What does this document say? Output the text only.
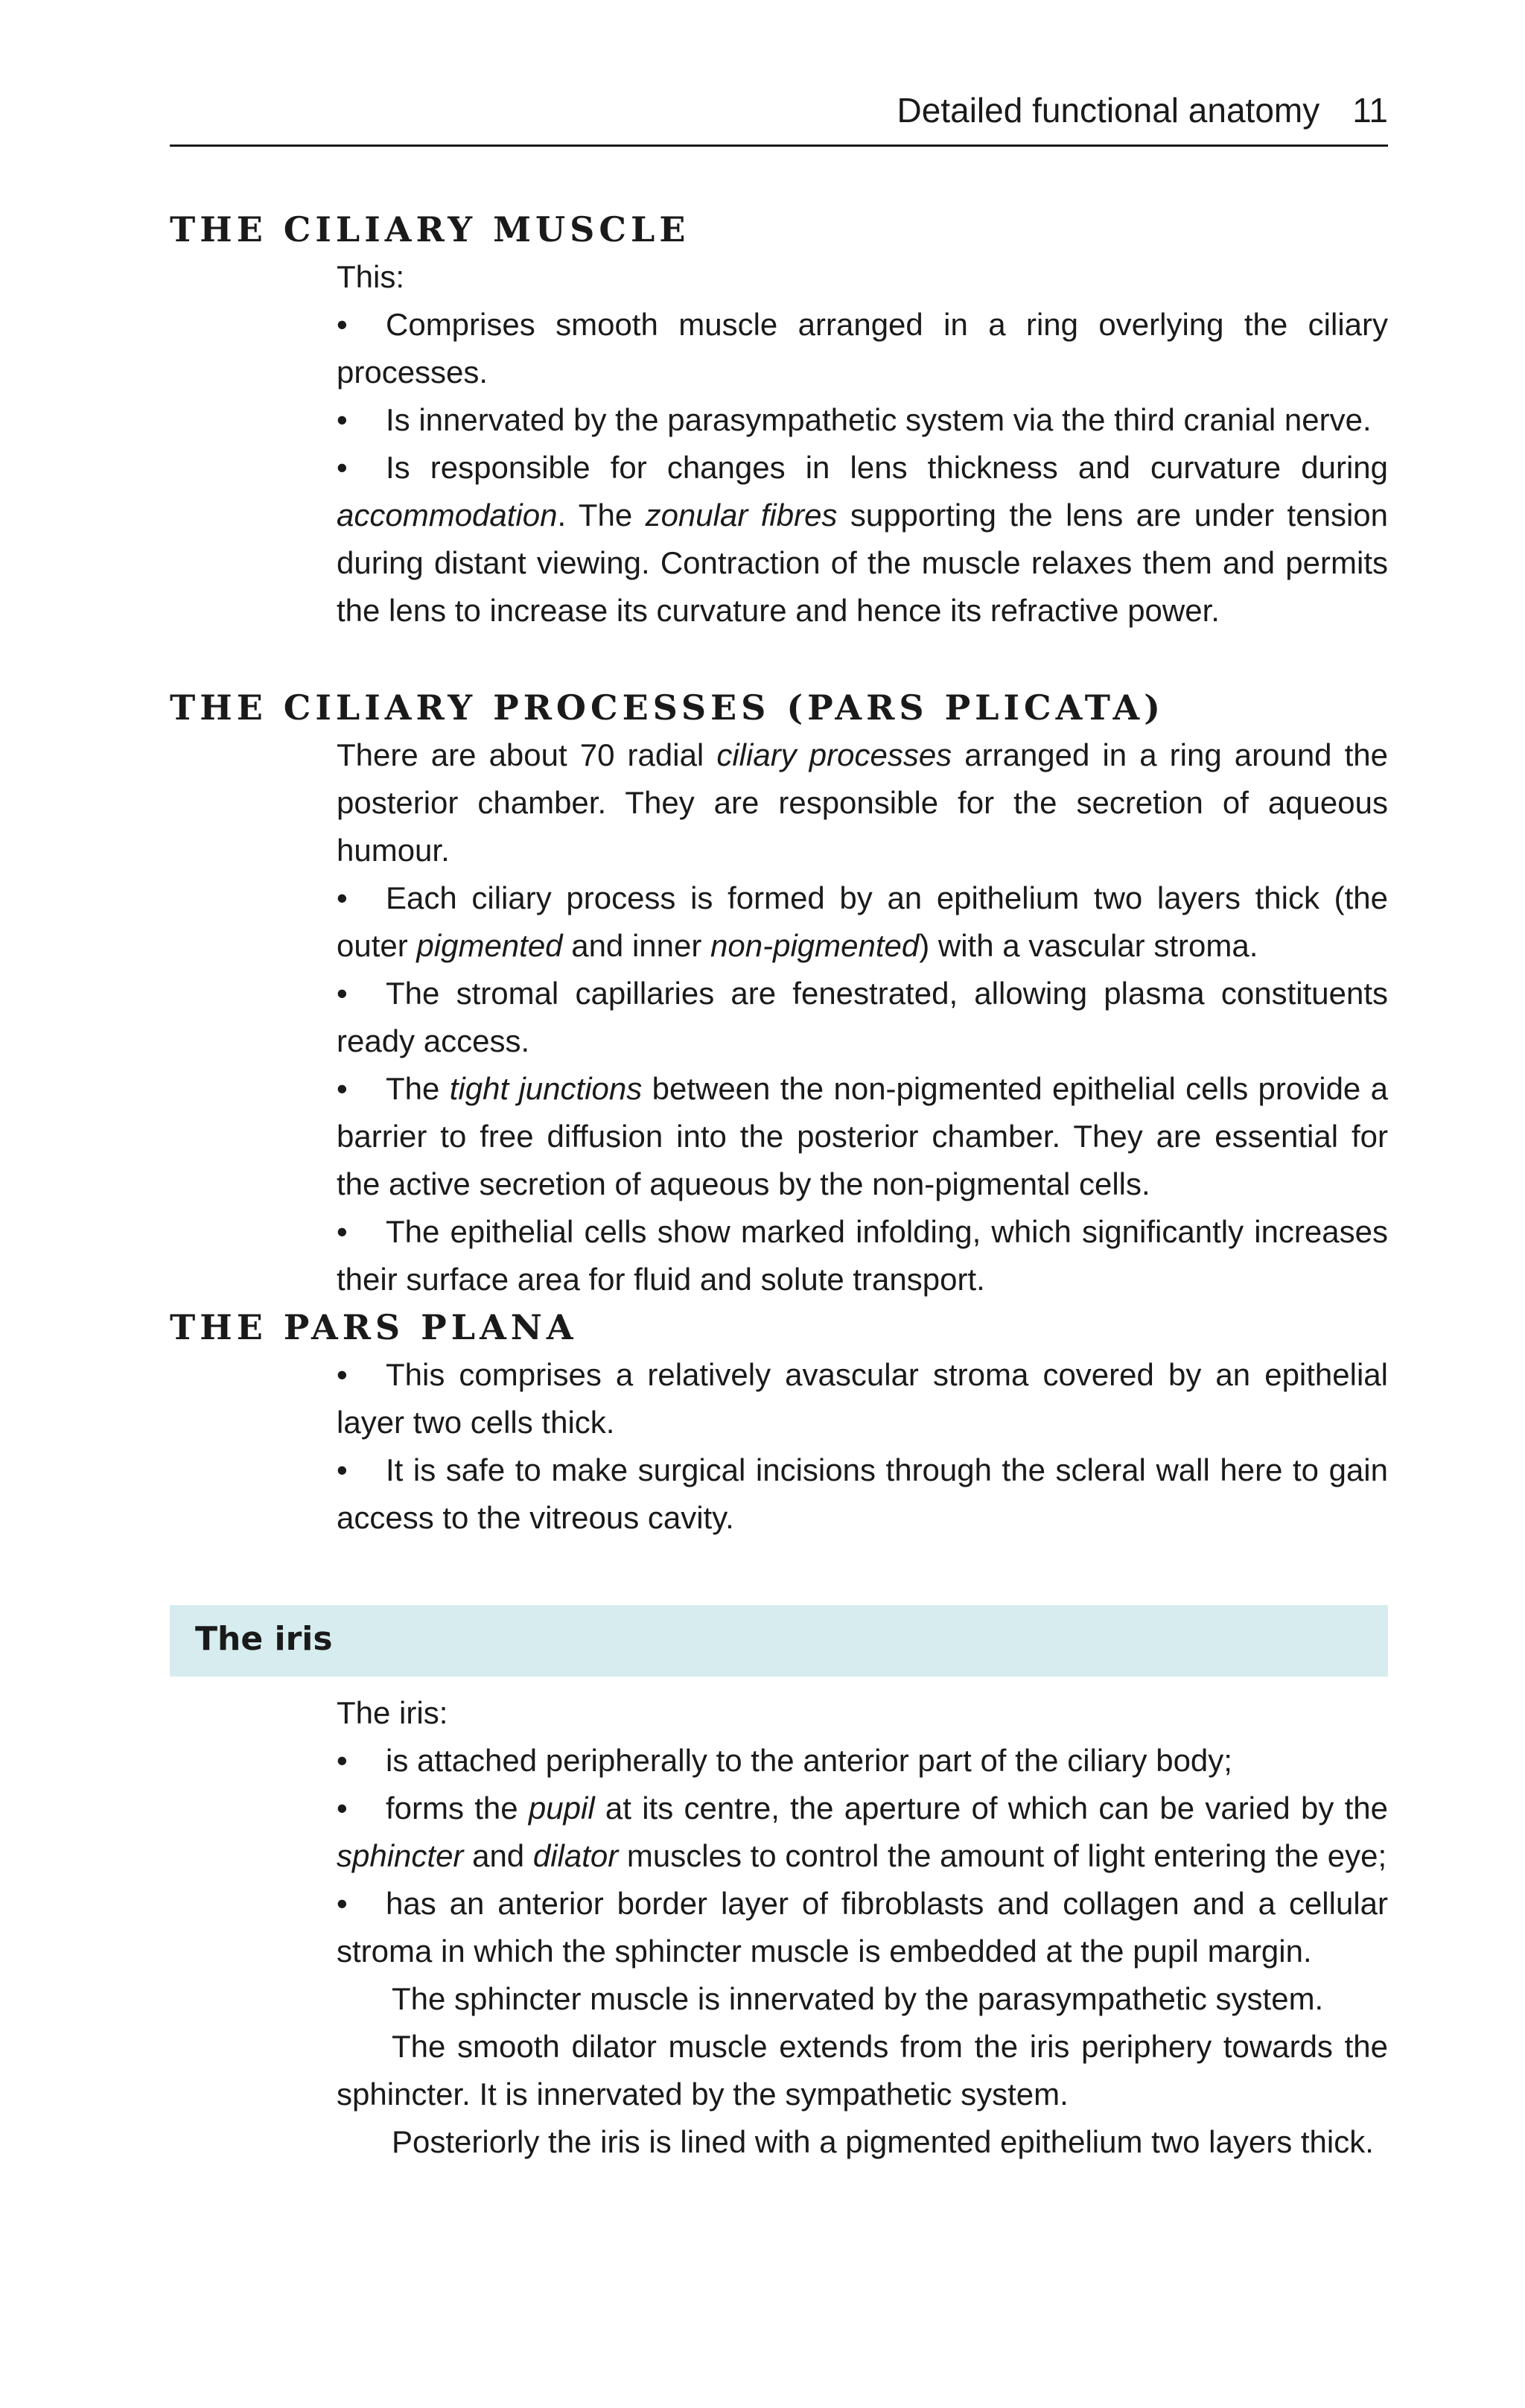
Detailed functional anatomy 11
THE CILIARY MUSCLE

This:

• Comprises smooth muscle arranged in a ring overlying the ciliary processes.

• Is innervated by the parasympathetic system via the third cranial nerve.

• Is responsible for changes in lens thickness and curvature during accommodation. The zonular fibres supporting the lens are under tension during distant viewing. Contraction of the muscle relaxes them and permits the lens to increase its curvature and hence its refractive power.

THE CILIARY PROCESSES (PARS PLICATA)

There are about 70 radial ciliary processes arranged in a ring around the posterior chamber. They are responsible for the secretion of aqueous humour.

• Each ciliary process is formed by an epithelium two layers thick (the outer pigmented and inner non-pigmented) with a vascular stroma.

• The stromal capillaries are fenestrated, allowing plasma constituents ready access.

• The tight junctions between the non-pigmented epithelial cells provide a barrier to free diffusion into the posterior chamber. They are essential for the active secretion of aqueous by the non-pigmental cells.

• The epithelial cells show marked infolding, which significantly increases their surface area for fluid and solute transport.

THE PARS PLANA

• This comprises a relatively avascular stroma covered by an epithelial layer two cells thick.

• It is safe to make surgical incisions through the scleral wall here to gain access to the vitreous cavity.

The iris

The iris:

• is attached peripherally to the anterior part of the ciliary body;

• forms the pupil at its centre, the aperture of which can be varied by the sphincter and dilator muscles to control the amount of light entering the eye;

• has an anterior border layer of fibroblasts and collagen and a cellular stroma in which the sphincter muscle is embedded at the pupil margin.

The sphincter muscle is innervated by the parasympathetic system.

The smooth dilator muscle extends from the iris periphery towards the sphincter. It is innervated by the sympathetic system.

Posteriorly the iris is lined with a pigmented epithelium two layers thick.
